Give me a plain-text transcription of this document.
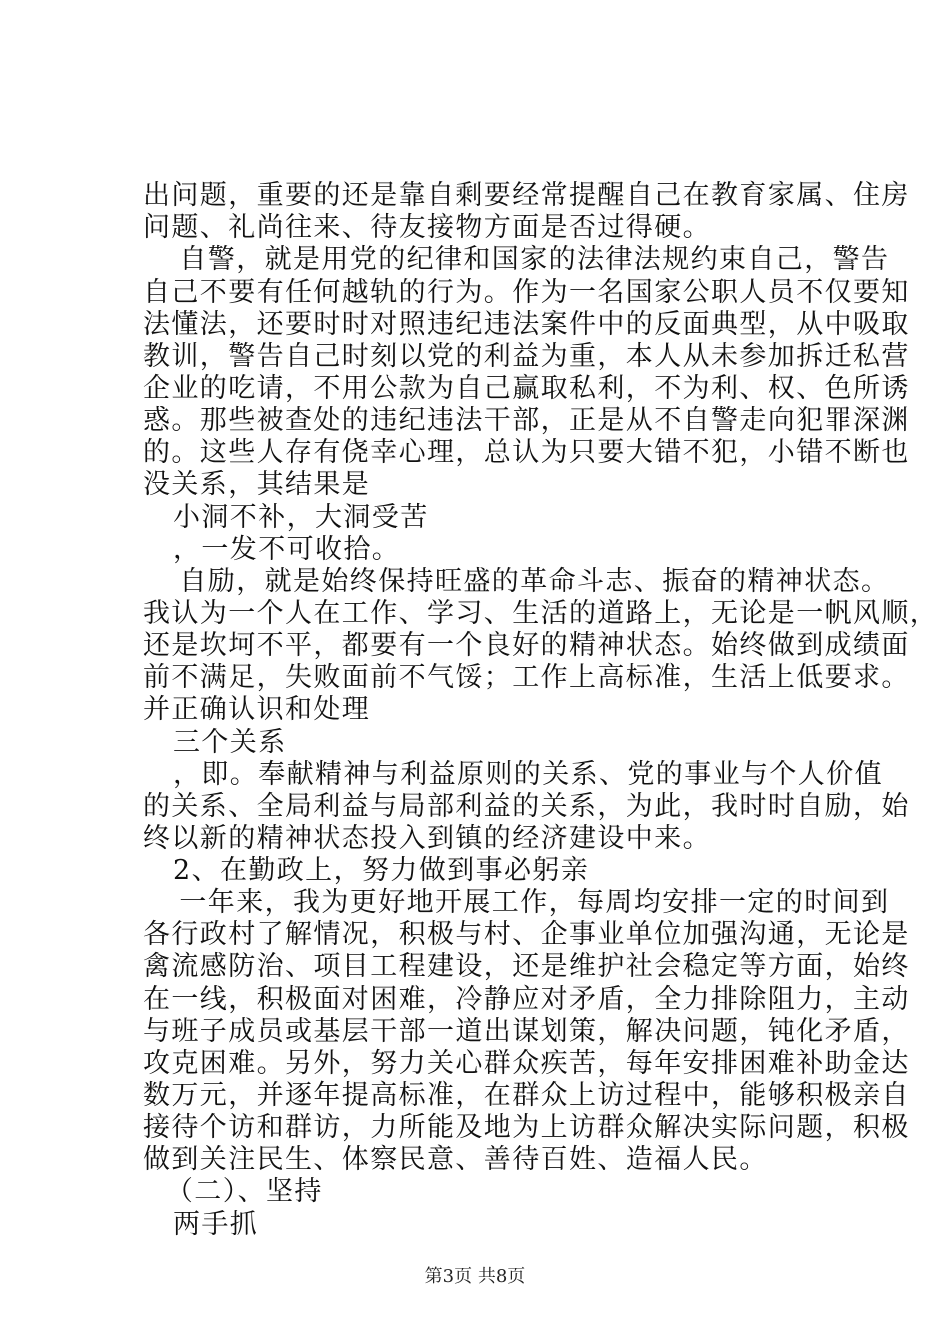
出问题，重要的还是靠自剩要经常提醒自己在教育家属、住房
问题、礼尚往来、待友接物方面是否过得硬。
　自警，就是用党的纪律和国家的法律法规约束自己，警告
自己不要有任何越轨的行为。作为一名国家公职人员不仅要知
法懂法，还要时时对照违纪违法案件中的反面典型，从中吸取
教训，警告自己时刻以党的利益为重，本人从未参加拆迁私营
企业的吃请，不用公款为自己赢取私利，不为利、权、色所诱
惑。那些被查处的违纪违法干部，正是从不自警走向犯罪深渊
的。这些人存有侥幸心理，总认为只要大错不犯，小错不断也
没关系，其结果是
小洞不补，大洞受苦
，一发不可收拾。
　自励，就是始终保持旺盛的革命斗志、振奋的精神状态。
我认为一个人在工作、学习、生活的道路上，无论是一帆风顺，
还是坎坷不平，都要有一个良好的精神状态。始终做到成绩面
前不满足，失败面前不气馁；工作上高标准，生活上低要求。
并正确认识和处理
三个关系
，即。奉献精神与利益原则的关系、党的事业与个人价值
的关系、全局利益与局部利益的关系，为此，我时时自励，始
终以新的精神状态投入到镇的经济建设中来。
2、在勤政上，努力做到事必躬亲
　一年来，我为更好地开展工作，每周均安排一定的时间到
各行政村了解情况，积极与村、企事业单位加强沟通，无论是
禽流感防治、项目工程建设，还是维护社会稳定等方面，始终
在一线，积极面对困难，冷静应对矛盾，全力排除阻力，主动
与班子成员或基层干部一道出谋划策，解决问题，钝化矛盾，
攻克困难。另外，努力关心群众疾苦，每年安排困难补助金达
数万元，并逐年提高标准，在群众上访过程中，能够积极亲自
接待个访和群访，力所能及地为上访群众解决实际问题，积极
做到关注民生、体察民意、善待百姓、造福人民。
　（二）、坚持
两手抓
第3页 共8页
